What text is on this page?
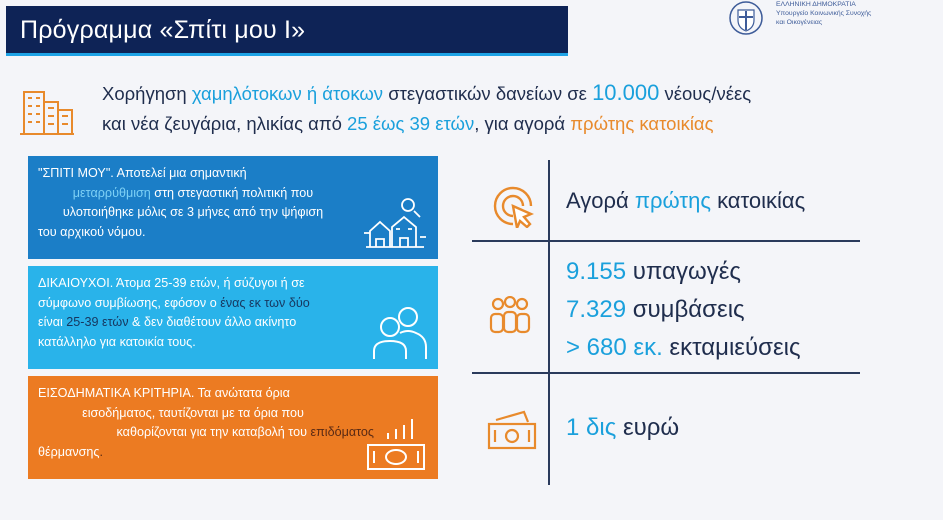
Πρόγραμμα «Σπίτι μου Ι»
ΕΛΛΗΝΙΚΗ ΔΗΜΟΚΡΑΤΙΑ
Υπουργείο Κοινωνικής Συνοχής
και Οικογένειας
Χορήγηση χαμηλότοκων ή άτοκων στεγαστικών δανείων σε 10.000 νέους/νέες
και νέα ζευγάρια, ηλικίας από 25 έως 39 ετών, για αγορά πρώτης κατοικίας

"ΣΠΙΤΙ ΜΟΥ". Αποτελεί μια σημαντική

μεταρρύθμιση στη στεγαστική πολιτική που

υλοποιήθηκε μόλις σε 3 μήνες από την ψήφιση

του αρχικού νόμου.

ΔΙΚΑΙΟΥΧΟΙ. Άτομα 25-39 ετών, ή σύζυγοι ή σε

σύμφωνο συμβίωσης, εφόσον ο ένας εκ των δύο

είναι 25-39 ετών & δεν διαθέτουν άλλο ακίνητο

κατάλληλο για κατοικία τους.

ΕΙΣΟΔΗΜΑΤΙΚΑ ΚΡΙΤΗΡΙΑ. Τα ανώτατα όρια

εισοδήματος, ταυτίζονται με τα όρια που

καθορίζονται για την καταβολή του επιδόματος

θέρμανσης.

Αγορά πρώτης κατοικίας
9.155 υπαγωγές
7.329 συμβάσεις
> 680 εκ. εκταμιεύσεις
1 δις ευρώ
